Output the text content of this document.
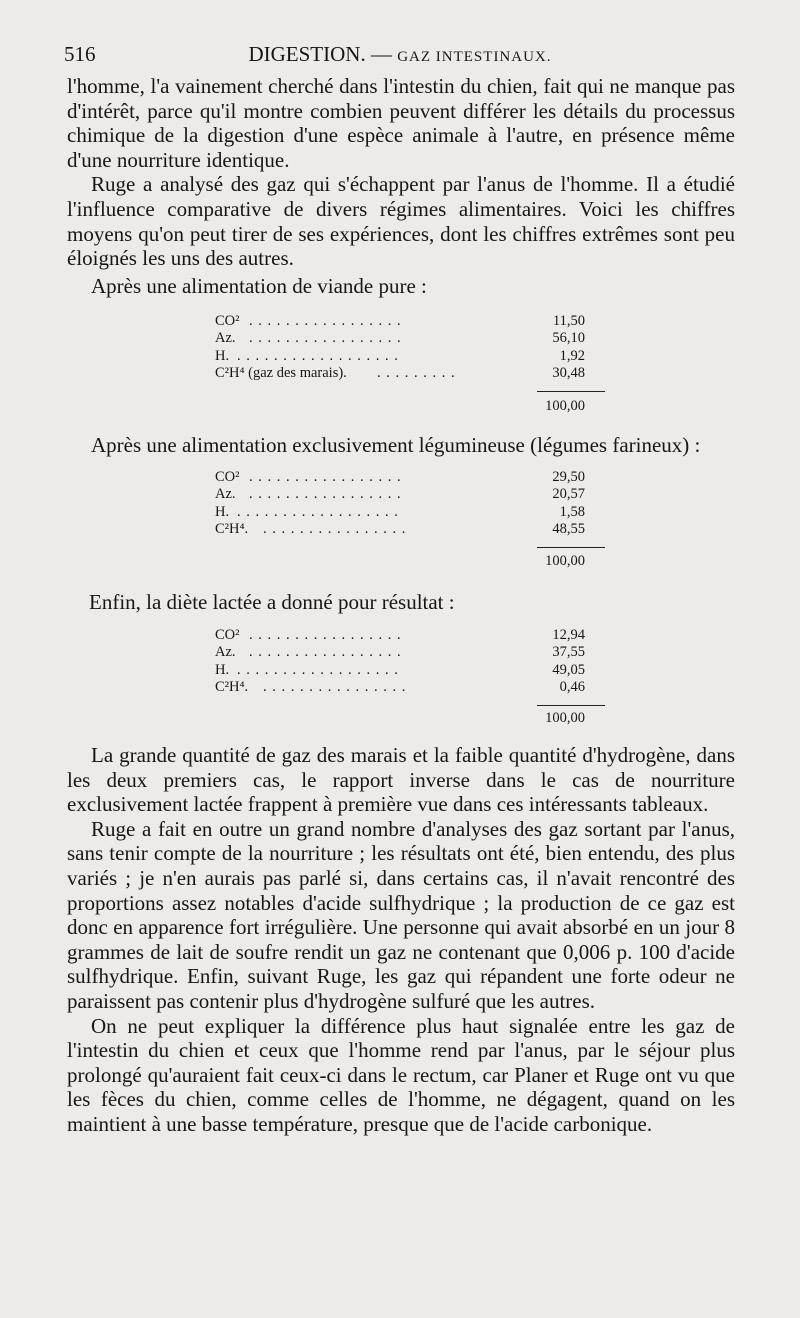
516	DIGESTION. — GAZ INTESTINAUX.

l'homme, l'a vainement cherché dans l'intestin du chien, fait qui ne manque pas d'intérêt, parce qu'il montre combien peuvent différer les détails du processus chimique de la digestion d'une espèce animale à l'autre, en présence même d'une nourriture identique.

Ruge a analysé des gaz qui s'échappent par l'anus de l'homme. Il a étudié l'influence comparative de divers régimes alimentaires. Voici les chiffres moyens qu'on peut tirer de ses expériences, dont les chiffres extrêmes sont peu éloignés les uns des autres.

Après une alimentation de viande pure :
CO² . . . . . . . . . . . . . . . . .	11,50
Az. . . . . . . . . . . . . . . . . .	56,10
H. . . . . . . . . . . . . . . . . . .	1,92
C²H⁴ (gaz des marais). . . . . . . . . .	30,48
100,00
Après une alimentation exclusivement légumineuse (légumes farineux) :
CO² . . . . . . . . . . . . . . . . .	29,50
Az. . . . . . . . . . . . . . . . . .	20,57
H. . . . . . . . . . . . . . . . . . .	1,58
C²H⁴. . . . . . . . . . . . . . . . .	48,55
100,00
Enfin, la diète lactée a donné pour résultat :
CO² . . . . . . . . . . . . . . . . .	12,94
Az. . . . . . . . . . . . . . . . . .	37,55
H. . . . . . . . . . . . . . . . . . .	49,05
C²H⁴. . . . . . . . . . . . . . . . .	0,46
100,00

La grande quantité de gaz des marais et la faible quantité d'hydrogène, dans les deux premiers cas, le rapport inverse dans le cas de nourriture exclusivement lactée frappent à première vue dans ces intéressants tableaux.

Ruge a fait en outre un grand nombre d'analyses des gaz sortant par l'anus, sans tenir compte de la nourriture ; les résultats ont été, bien entendu, des plus variés ; je n'en aurais pas parlé si, dans certains cas, il n'avait rencontré des proportions assez notables d'acide sulfhydrique ; la production de ce gaz est donc en apparence fort irrégulière. Une personne qui avait absorbé en un jour 8 grammes de lait de soufre rendit un gaz ne contenant que 0,006 p. 100 d'acide sulfhydrique. Enfin, suivant Ruge, les gaz qui répandent une forte odeur ne paraissent pas contenir plus d'hydrogène sulfuré que les autres.

On ne peut expliquer la différence plus haut signalée entre les gaz de l'intestin du chien et ceux que l'homme rend par l'anus, par le séjour plus prolongé qu'auraient fait ceux-ci dans le rectum, car Planer et Ruge ont vu que les fèces du chien, comme celles de l'homme, ne dégagent, quand on les maintient à une basse température, presque que de l'acide carbonique.
